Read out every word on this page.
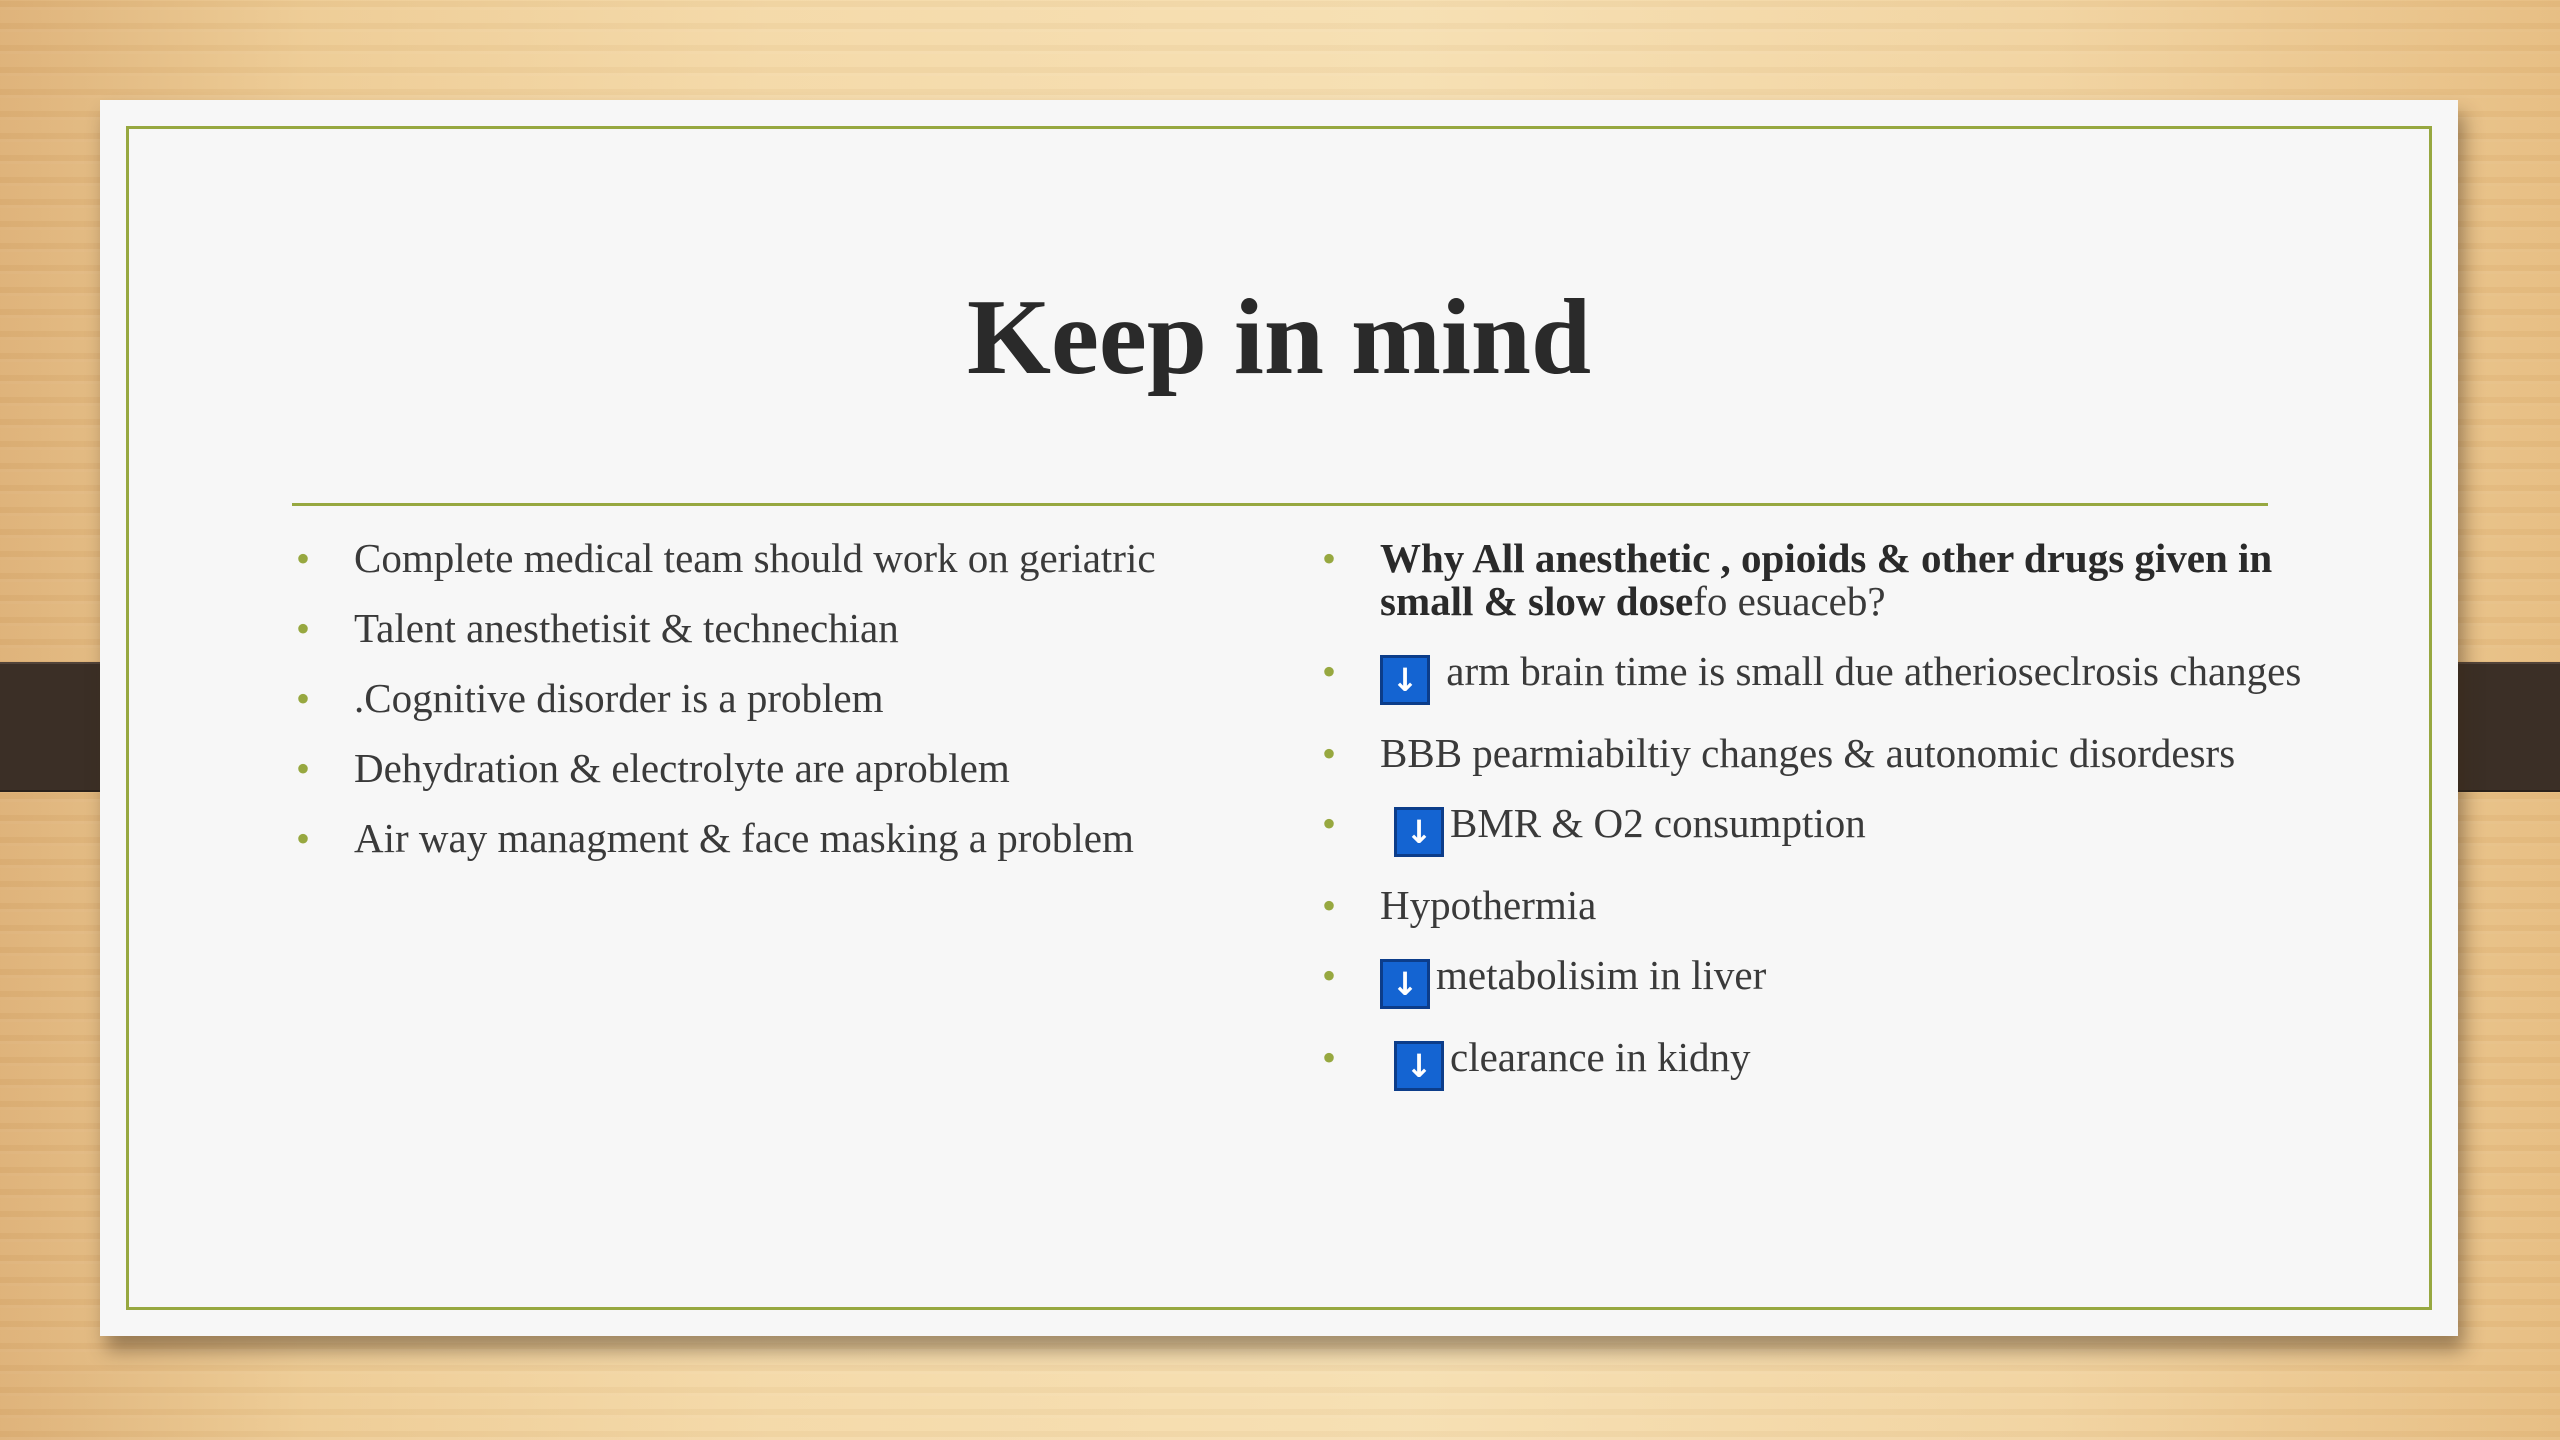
Keep in mind
• Complete medical team should work on geriatric
• Talent anesthetisit & technechian
• .Cognitive disorder is a problem
• Dehydration & electrolyte are aproblem
• Air way managment & face masking a problem
• Why All anesthetic , opioids & other drugs given in small & slow dosefo esuaceb?
• ↓ arm brain time is small due atherioseclrosis changes
• BBB pearmiabiltiy changes & autonomic disordesrs
• ↓ BMR & O2 consumption
• Hypothermia
• ↓ metabolisim in liver
• ↓ clearance in kidny
